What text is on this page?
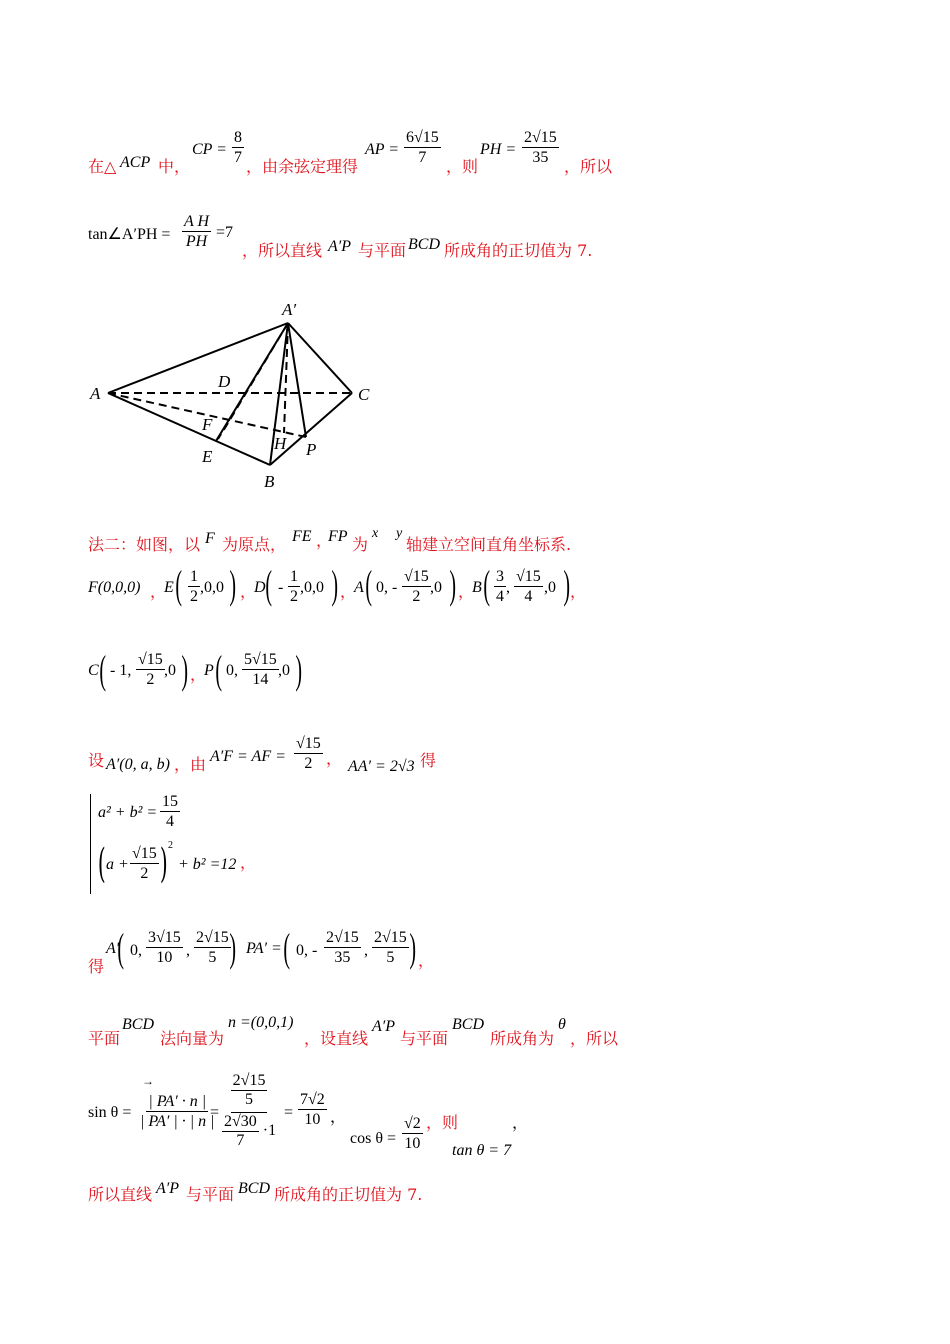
在△ ACP 中，
CP = $\frac{8}{7}$ ，由余弦定理得
AP = $\frac{6√15}{7}$ ，则
PH = $\frac{2√15}{35}$ ，所以
tan∠A′PH = $\frac{\text{A H}}{PH} =7$
，所以直线 A′P 与平面 BCD 所成角的正切值为 7.
A′
A	C
D
F
H P
E
B
法二：如图，以 F 为原点， FE ，
FP 为
x y
轴建立空间直角坐标系.
F(0,0,0) ，
E ( $\frac{1}{2} ,0,0$ ) ，
D ( - $\frac{1}{2} ,0,0$ ) ，
A ( 0, - $\frac{√15}{2} ,0$ ) ，
B ( $\frac{3}{4}$ , $\frac{√15}{4} ,0$ ) ，
C ( - 1, $\frac{√15}{2} ,0$ ) ，
P ( 0, $\frac{5√15}{14} ,0$ )
设 A′(0, a, b) ，由 A′F = AF = $\frac{√15}{2}$ ， AA′ = 2√3 得
$a^2 + b^2 = \frac{15}{4}$
( $a + \frac{√15}{2}$ ) 2
+ b² =12 ，
得
A′
( 0, $\frac{3√15}{10}$ , $\frac{2√15}{5}$
) PA′ = ( 0, - $\frac{2√15}{35}$ , $\frac{2√15}{5}$ ) ，
平面
BCD
法向量为
n =(0,0,1)
，设直线
A′P
与平面
BCD
所成角为
θ
，所以
sin θ =
→
$\frac{| PA' \cdot n |}{| PA' | \cdot | n |}$
= $\frac{\frac{2√15}{5}}{\frac{2√30}{7} \cdot 1} = \frac{7√2}{10}$ ，
$\cos \theta = \frac{√2}{10}$ ，则
tan θ = 7
，
所以直线 A′P 与平面 BCD 所成角的正切值为 7.
